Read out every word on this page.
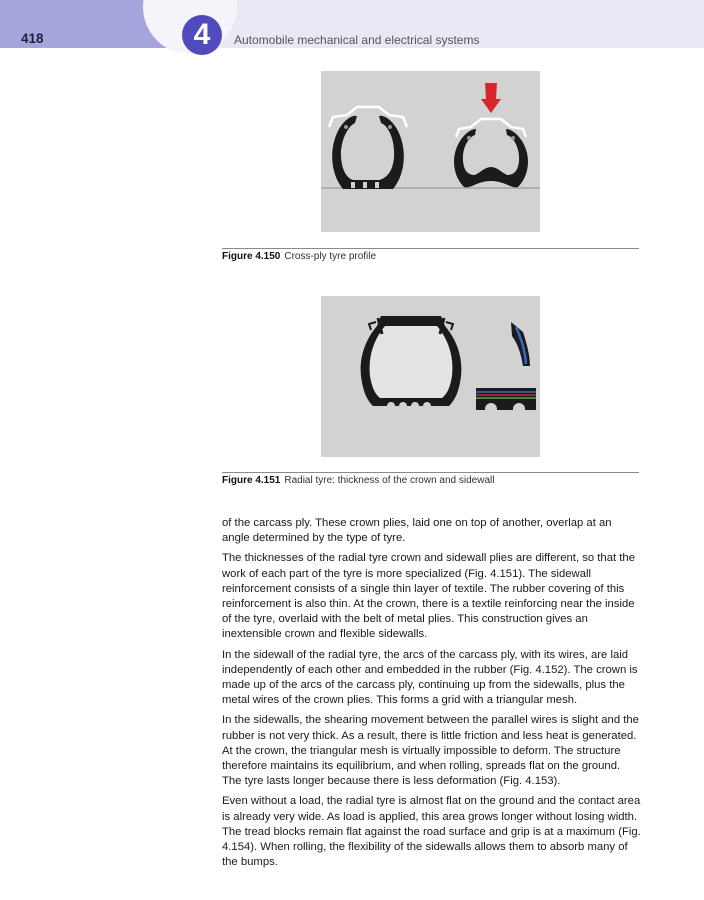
4
418	Automobile mechanical and electrical systems
Figure 4.150 Cross-ply tyre profile
Figure 4.151 Radial tyre: thickness of the crown and sidewall

of the carcass ply. These crown plies, laid one on top of another, overlap at an angle determined by the type of tyre.

The thicknesses of the radial tyre crown and sidewall plies are different, so that the work of each part of the tyre is more specialized (Fig. 4.151). The sidewall reinforcement consists of a single thin layer of textile. The rubber covering of this reinforcement is also thin. At the crown, there is a textile reinforcing near the inside of the tyre, overlaid with the belt of metal plies. This construction gives an inextensible crown and flexible sidewalls.

In the sidewall of the radial tyre, the arcs of the carcass ply, with its wires, are laid independently of each other and embedded in the rubber (Fig. 4.152). The crown is made up of the arcs of the carcass ply, continuing up from the sidewalls, plus the metal wires of the crown plies. This forms a grid with a triangular mesh.

In the sidewalls, the shearing movement between the parallel wires is slight and the rubber is not very thick. As a result, there is little friction and less heat is generated. At the crown, the triangular mesh is virtually impossible to deform. The structure therefore maintains its equilibrium, and when rolling, spreads flat on the ground. The tyre lasts longer because there is less deformation (Fig. 4.153).

Even without a load, the radial tyre is almost flat on the ground and the contact area is already very wide. As load is applied, this area grows longer without losing width. The tread blocks remain flat against the road surface and grip is at a maximum (Fig. 4.154). When rolling, the flexibility of the sidewalls allows them to absorb many of the bumps.
